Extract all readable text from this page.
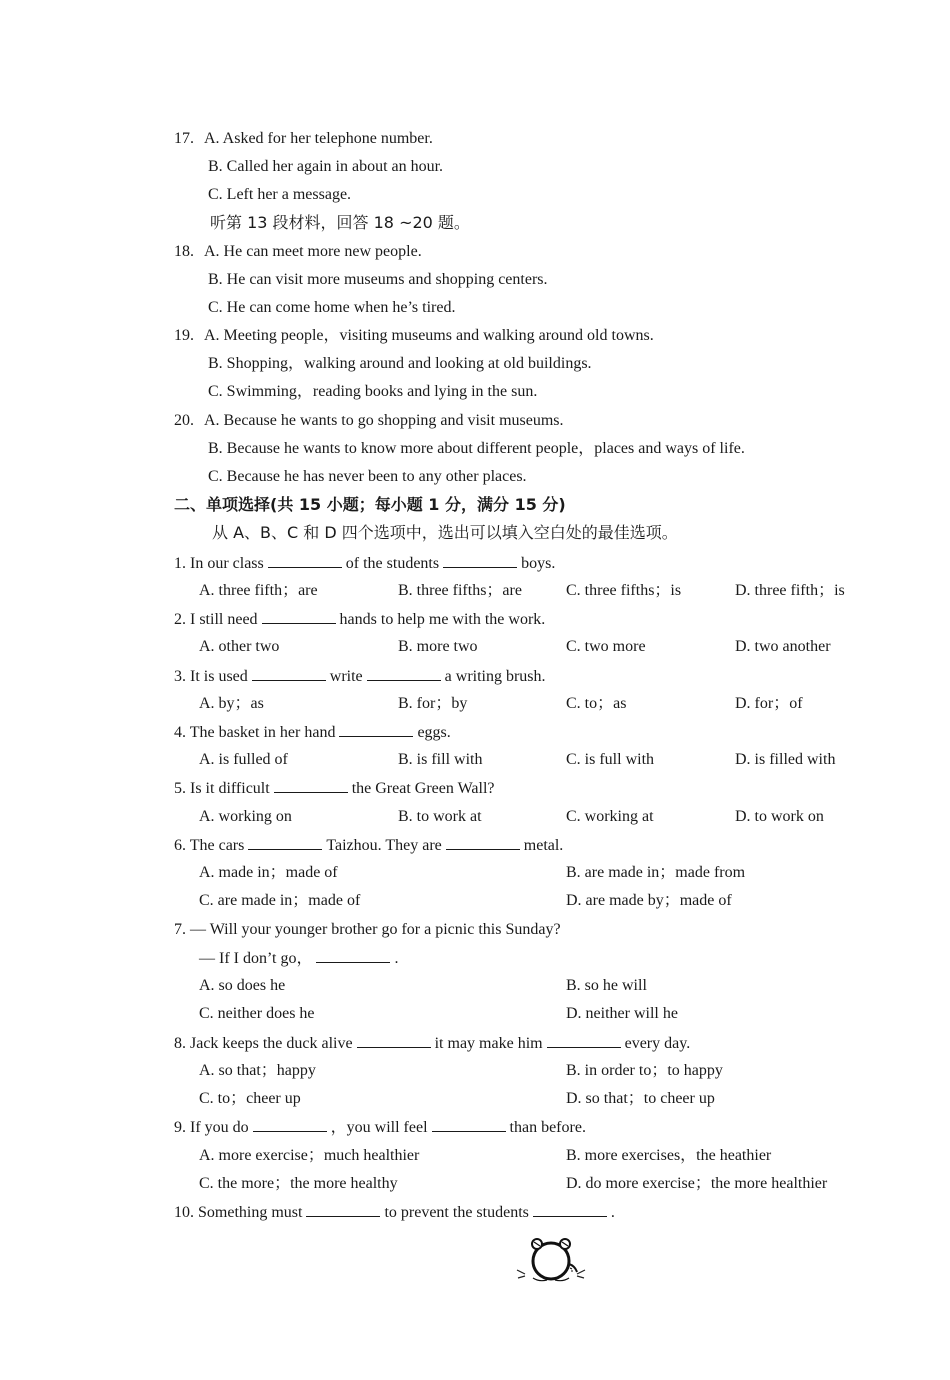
17. A. Asked for her telephone number.
B. Called her again in about an hour.
C. Left her a message.
听第 13 段材料，回答 18 ~20 题。
18. A. He can meet more new people.
B. He can visit more museums and shopping centers.
C. He can come home when he’s tired.
19. A. Meeting people，visiting museums and walking around old towns.
B. Shopping，walking around and looking at old buildings.
C. Swimming，reading books and lying in the sun.
20. A. Because he wants to go shopping and visit museums.
B. Because he wants to know more about different people，places and ways of life.
C. Because he has never been to any other places.
二、单项选择(共 15 小题；每小题 1 分，满分 15 分)
从 A、B、C 和 D 四个选项中，选出可以填入空白处的最佳选项。
1. In our class	of the students	boys.
A. three fifth；are	B. three fifths；are	C. three fifths；is	D. three fifth；is
2. I still need	hands to help me with the work.
A. other two	B. more two	C. two more	D. two another
3. It is used	write	a writing brush.
A. by；as	B. for；by	C. to；as	D. for；of
4. The basket in her hand	eggs.
A. is fulled of	B. is fill with	C. is full with	D. is filled with
5. Is it difficult	the Great Green Wall?
A. working on	B. to work at	C. working at	D. to work on
6. The cars	Taizhou. They are	metal.
A. made in；made of	B. are made in；made from
C. are made in；made of	D. are made by；made of
7. — Will your younger brother go for a picnic this Sunday?
— If I don’t go，	.
A. so does he	B. so he will
C. neither does he	D. neither will he
8. Jack keeps the duck alive	it may make him	every day.
A. so that；happy	B. in order to；to happy
C. to；cheer up	D. so that；to cheer up
9. If you do	，you will feel	than before.
A. more exercise；much healthier	B. more exercises，the heathier
C. the more；the more healthy	D. do more exercise；the more healthier
10. Something must	to prevent the students	.
